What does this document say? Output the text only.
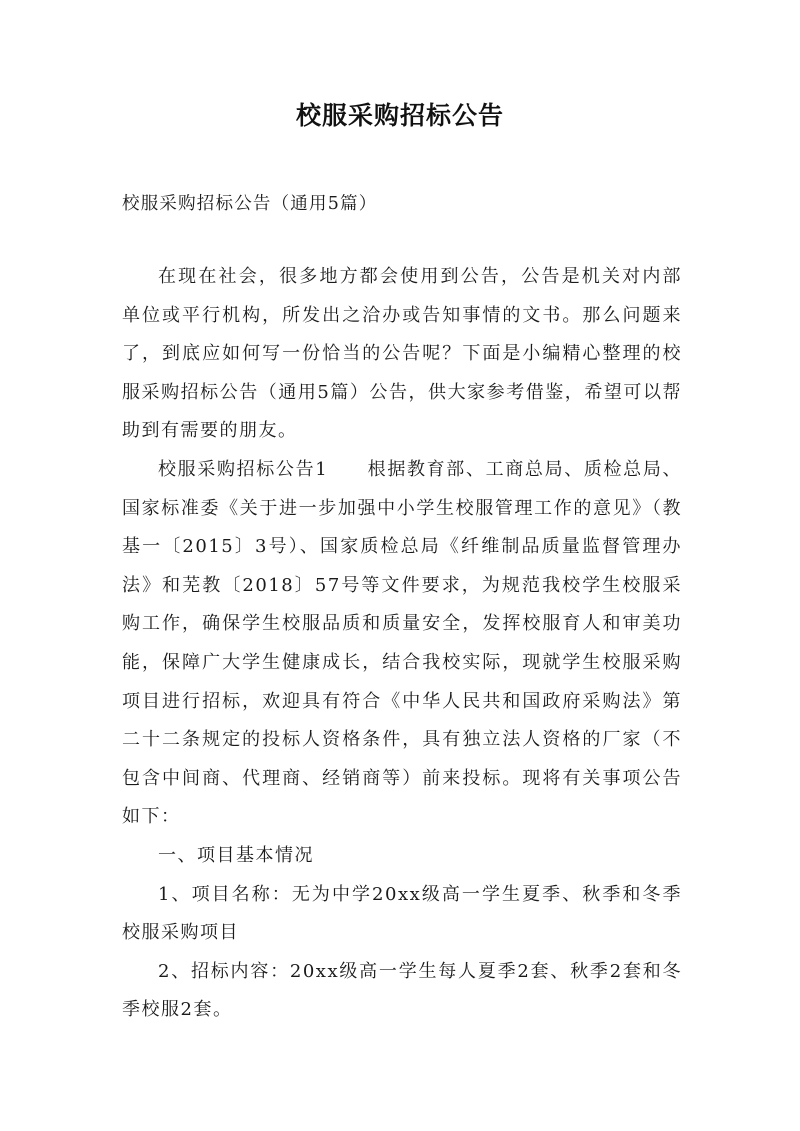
校服采购招标公告
校服采购招标公告（通用5篇）

在现在社会，很多地方都会使用到公告，公告是机关对内部单位或平行机构，所发出之洽办或告知事情的文书。那么问题来了，到底应如何写一份恰当的公告呢？下面是小编精心整理的校服采购招标公告（通用5篇）公告，供大家参考借鉴，希望可以帮助到有需要的朋友。

校服采购招标公告1　　根据教育部、工商总局、质检总局、国家标准委《关于进一步加强中小学生校服管理工作的意见》（教基一〔2015〕3号）、国家质检总局《纤维制品质量监督管理办法》和芜教〔2018〕57号等文件要求，为规范我校学生校服采购工作，确保学生校服品质和质量安全，发挥校服育人和审美功能，保障广大学生健康成长，结合我校实际，现就学生校服采购项目进行招标，欢迎具有符合《中华人民共和国政府采购法》第二十二条规定的投标人资格条件，具有独立法人资格的厂家（不包含中间商、代理商、经销商等）前来投标。现将有关事项公告如下：

一、项目基本情况

1、项目名称：无为中学20xx级高一学生夏季、秋季和冬季校服采购项目

2、招标内容：20xx级高一学生每人夏季2套、秋季2套和冬季校服2套。
